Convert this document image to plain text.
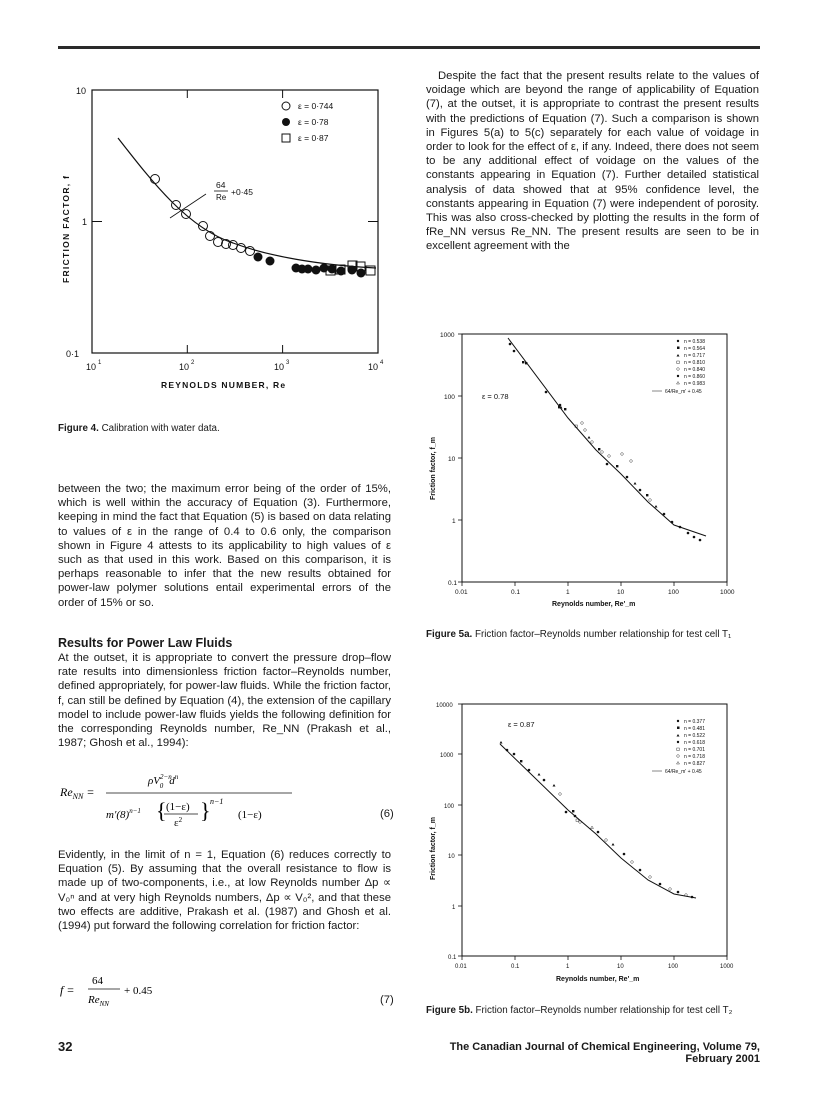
10
1
0·1
10 1	10 2	10 3	10 4
REYNOLDS NUMBER, Re
FRICTION FACTOR, f	64
Re
+0·45
ε = 0·744
ε = 0·78
ε = 0·87

Figure 4. Calibration with water data.

between the two; the maximum error being of the order of 15%, which is well within the accuracy of Equation (3). Furthermore, keeping in mind the fact that Equation (5) is based on data relating to values of ε in the range of 0.4 to 0.6 only, the comparison shown in Figure 4 attests to its applicability to high values of ε such as that used in this work. Based on this comparison, it is perhaps reasonable to infer that the new results obtained for power-law polymer solutions entail experimental errors of the order of 15% or so.

Results for Power Law Fluids

At the outset, it is appropriate to convert the pressure drop–flow rate results into dimensionless friction factor–Reynolds number, defined appropriately, for power-law fluids. While the friction factor, f, can still be defined by Equation (4), the extension of the capillary model to include power-law fluids yields the following definition for the corresponding Reynolds number, Re_NN (Prakash et al., 1987; Ghosh et al., 1994):

$Re_{NN}$ =
$\rho V^{2-n}$ 0 $d^n$
$m'(8)^{n-1}$ { (1−ε)
$\varepsilon^2$ } n−1
(1−ε)	(6)

Evidently, in the limit of n = 1, Equation (6) reduces correctly to Equation (5). By assuming that the overall resistance to flow is made up of two-components, i.e., at low Reynolds number Δp ∝ V₀ⁿ and at very high Reynolds numbers, Δp ∝ V₀², and that these two effects are additive, Prakash et al. (1987) and Ghosh et al. (1994) put forward the following correlation for friction factor:

f =
64
$Re_{NN}$
+ 0.45
(7)

Despite the fact that the present results relate to the values of voidage which are beyond the range of applicability of Equation (7), at the outset, it is appropriate to contrast the present results with the predictions of Equation (7). Such a comparison is shown in Figures 5(a) to 5(c) separately for each value of voidage in order to look for the effect of ε, if any. Indeed, there does not seem to be any additional effect of voidage on the values of the constants appearing in Equation (7). Further detailed statistical analysis of data showed that at 95% confidence level, the constants appearing in Equation (7) were independent of porosity. This was also cross-checked by plotting the results in the form of fRe_NN versus Re_NN. The present results are seen to be in excellent agreement with the

1000
100
10
1
0.1
0.01	0.1	1	10	100	1000
Reynolds number, Re'_m
Friction factor, f_m
ε = 0.78
n = 0.538
n = 0.564
n = 0.717
n = 0.810
n = 0.840
n = 0.860
n = 0.983
64/Re_m' + 0.45

Figure 5a. Friction factor–Reynolds number relationship for test cell T₁

10000
1000
100
10
1
0.1
0.01	0.1	1	10	100	1000
Reynolds number, Re'_m
Friction factor, f_m
ε = 0.87	n = 0.377
n = 0.481
n = 0.522
n = 0.618
n = 0.701
n = 0.718
n = 0.827
64/Re_m' + 0.45

Figure 5b. Friction factor–Reynolds number relationship for test cell T₂

32	The Canadian Journal of Chemical Engineering, Volume 79, February 2001
